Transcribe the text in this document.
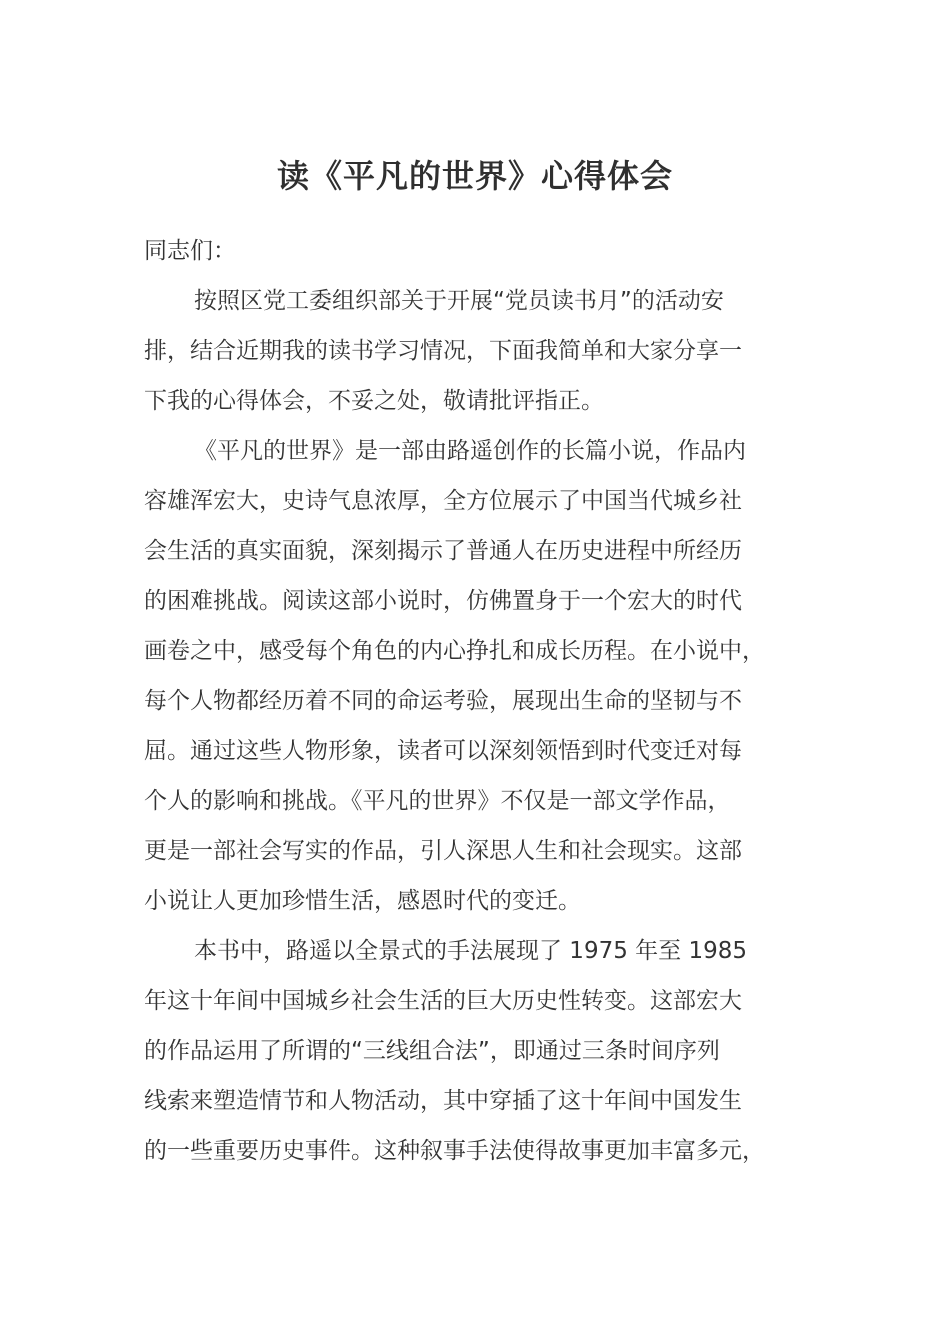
读《平凡的世界》心得体会
同志们：
按照区党工委组织部关于开展“党员读书月”的活动安
排，结合近期我的读书学习情况，下面我简单和大家分享一
下我的心得体会，不妥之处，敬请批评指正。
《平凡的世界》是一部由路遥创作的长篇小说，作品内
容雄浑宏大，史诗气息浓厚，全方位展示了中国当代城乡社
会生活的真实面貌，深刻揭示了普通人在历史进程中所经历
的困难挑战。阅读这部小说时，仿佛置身于一个宏大的时代
画卷之中，感受每个角色的内心挣扎和成长历程。在小说中，
每个人物都经历着不同的命运考验，展现出生命的坚韧与不
屈。通过这些人物形象，读者可以深刻领悟到时代变迁对每
个人的影响和挑战。《平凡的世界》不仅是一部文学作品，
更是一部社会写实的作品，引人深思人生和社会现实。这部
小说让人更加珍惜生活，感恩时代的变迁。
本书中，路遥以全景式的手法展现了 1975 年至 1985
年这十年间中国城乡社会生活的巨大历史性转变。这部宏大
的作品运用了所谓的“三线组合法”，即通过三条时间序列
线索来塑造情节和人物活动，其中穿插了这十年间中国发生
的一些重要历史事件。这种叙事手法使得故事更加丰富多元，
